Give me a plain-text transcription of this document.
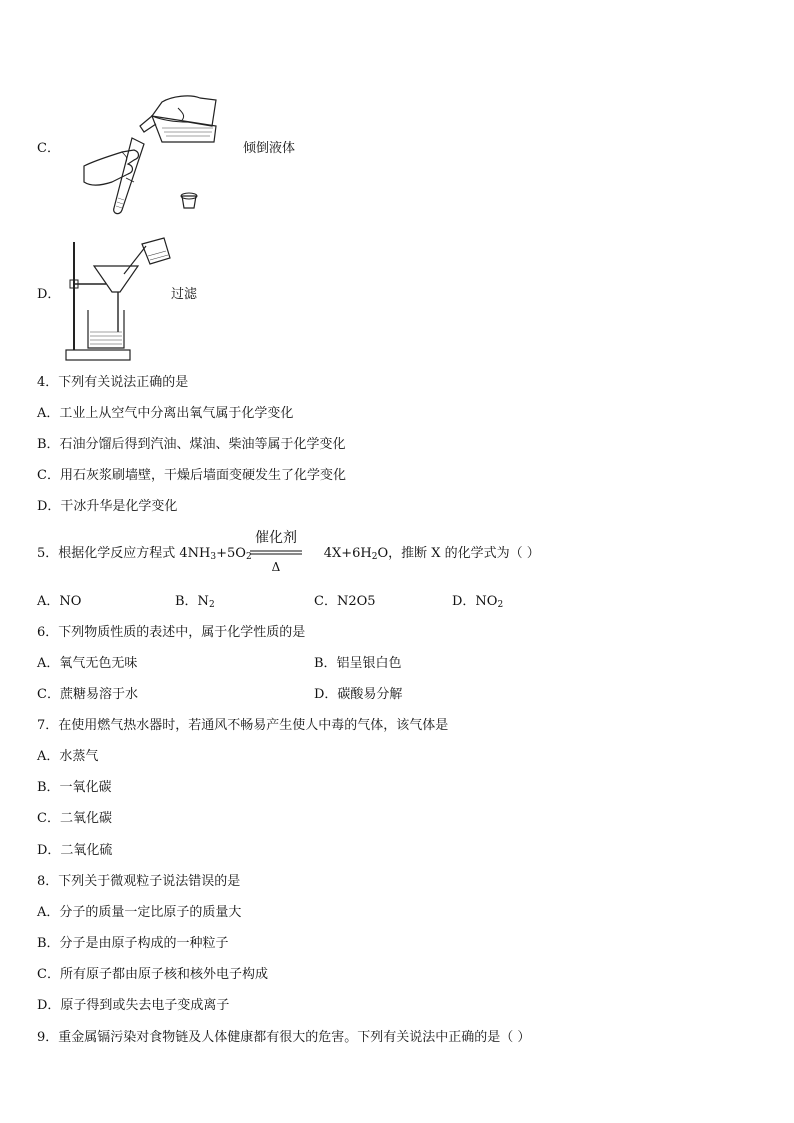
C．	倾倒液体
D．	过滤
4．下列有关说法正确的是
A．工业上从空气中分离出氧气属于化学变化
B．石油分馏后得到汽油、煤油、柴油等属于化学变化
C．用石灰浆刷墙壁，干燥后墙面变硬发生了化学变化
D．干冰升华是化学变化
5．根据化学反应方程式 $4NH_3+5O_2$	$4X+6H_2O$，推断 X 的化学式为（ ）
催化剂
Δ
A．NO	B．$N_2$	C．N2O5	D．$NO_2$
6．下列物质性质的表述中，属于化学性质的是
A．氧气无色无味	B．铝呈银白色
C．蔗糖易溶于水	D．碳酸易分解
7．在使用燃气热水器时，若通风不畅易产生使人中毒的气体，该气体是
A．水蒸气
B．一氧化碳
C．二氧化碳
D．二氧化硫
8．下列关于微观粒子说法错误的是
A．分子的质量一定比原子的质量大
B．分子是由原子构成的一种粒子
C．所有原子都由原子核和核外电子构成
D．原子得到或失去电子变成离子
9．重金属镉污染对食物链及人体健康都有很大的危害。下列有关说法中正确的是（ ）
